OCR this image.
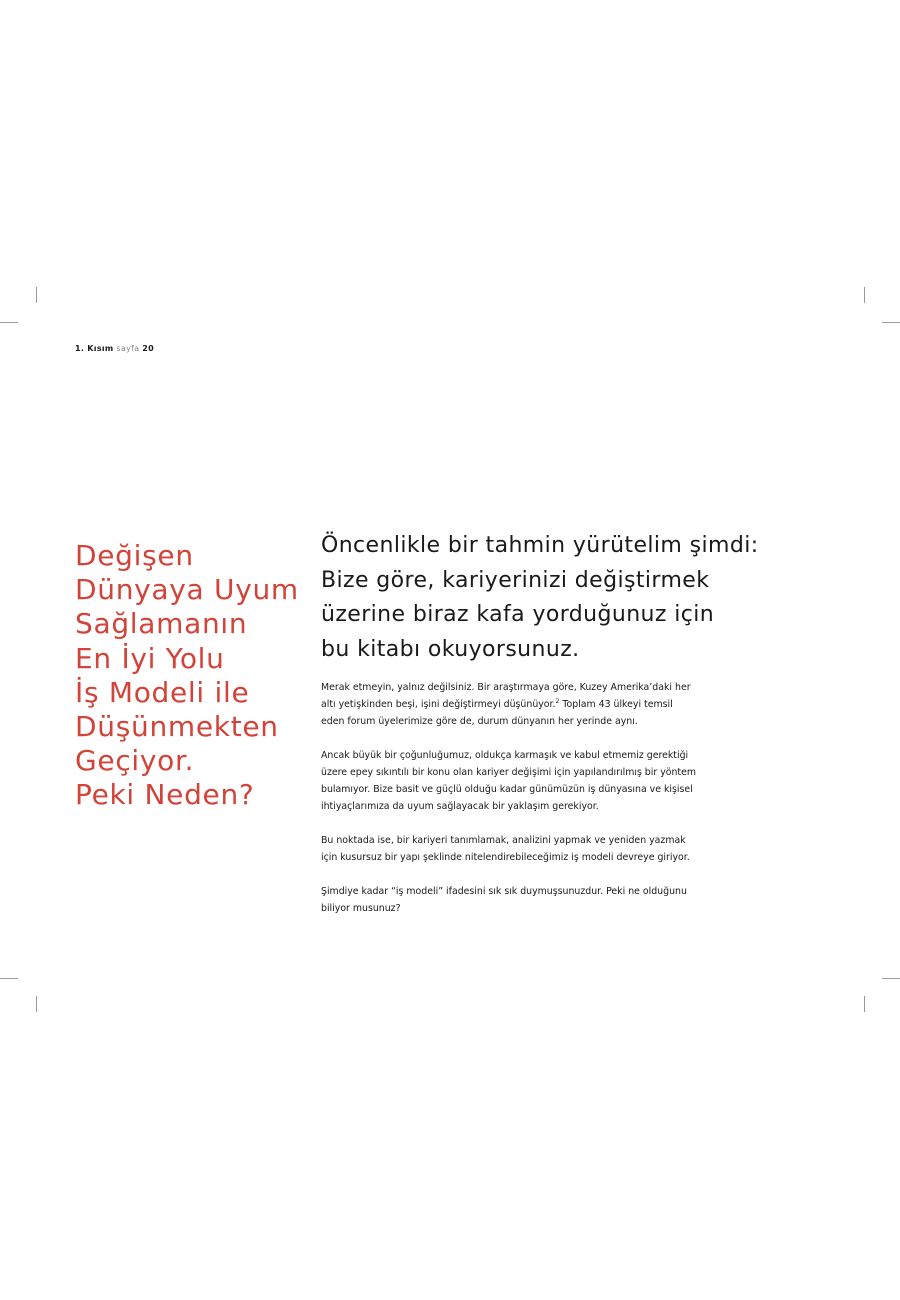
1. Kısım sayfa 20
Değişen
Dünyaya Uyum
Sağlamanın
En İyi Yolu
İş Modeli ile
Düşünmekten
Geçiyor.
Peki Neden?

Öncenlikle bir tahmin yürütelim şimdi:
Bize göre, kariyerinizi değiştirmek
üzerine biraz kafa yorduğunuz için
bu kitabı okuyorsunuz.

Merak etmeyin, yalnız değilsiniz. Bir araştırmaya göre, Kuzey Amerika’daki her
altı yetişkinden beşi, işini değiştirmeyi düşünüyor.$^2$ Toplam 43 ülkeyi temsil
eden forum üyelerimize göre de, durum dünyanın her yerinde aynı.

Ancak büyük bir çoğunluğumuz, oldukça karmaşık ve kabul etmemiz gerektiği
üzere epey sıkıntılı bir konu olan kariyer değişimi için yapılandırılmış bir yöntem
bulamıyor. Bize basit ve güçlü olduğu kadar günümüzün iş dünyasına ve kişisel
ihtiyaçlarımıza da uyum sağlayacak bir yaklaşım gerekiyor.

Bu noktada ise, bir kariyeri tanımlamak, analizini yapmak ve yeniden yazmak
için kusursuz bir yapı şeklinde nitelendirebileceğimiz iş modeli devreye giriyor.

Şimdiye kadar “iş modeli” ifadesini sık sık duymuşsunuzdur. Peki ne olduğunu
biliyor musunuz?
